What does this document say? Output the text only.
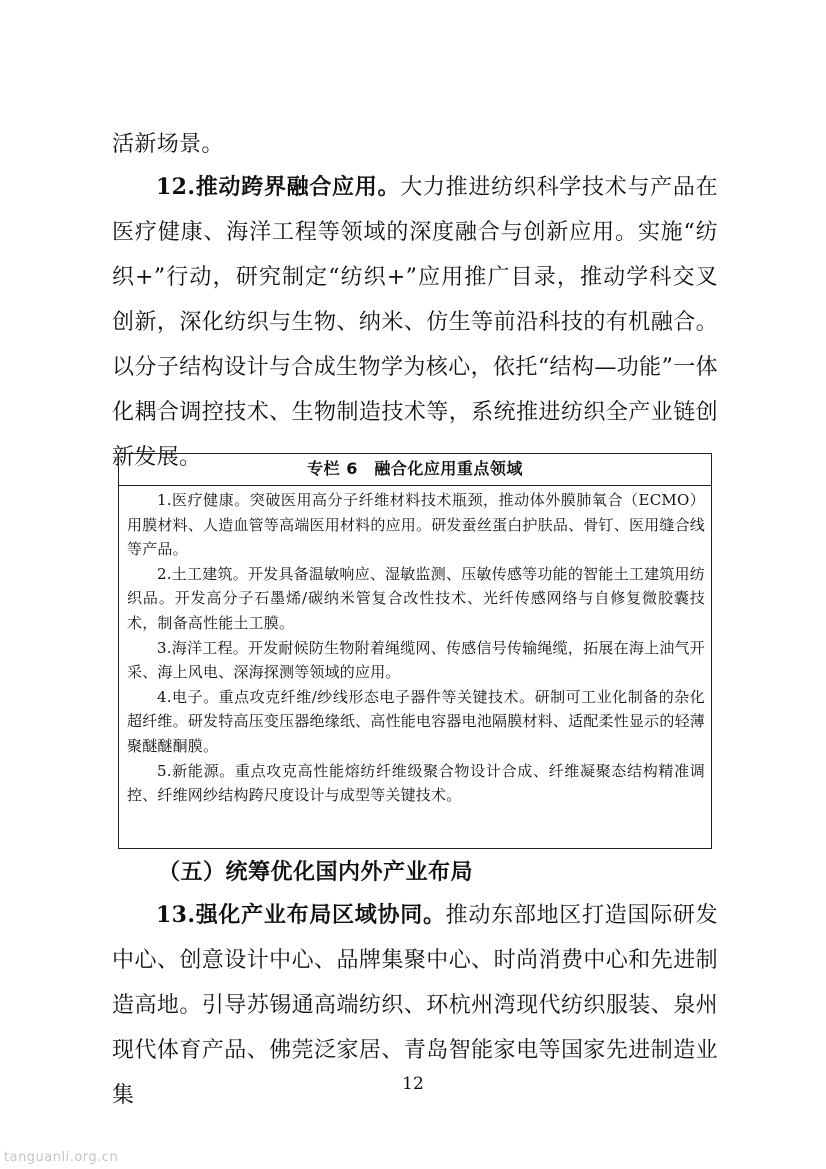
活新场景。

12.推动跨界融合应用。大力推进纺织科学技术与产品在医疗健康、海洋工程等领域的深度融合与创新应用。实施“纺织+”行动，研究制定“纺织+”应用推广目录，推动学科交叉创新，深化纺织与生物、纳米、仿生等前沿科技的有机融合。以分子结构设计与合成生物学为核心，依托“结构—功能”一体化耦合调控技术、生物制造技术等，系统推进纺织全产业链创新发展。	专栏 6　融合化应用重点领域

1.医疗健康。突破医用高分子纤维材料技术瓶颈，推动体外膜肺氧合（ECMO）用膜材料、人造血管等高端医用材料的应用。研发蚕丝蛋白护肤品、骨钉、医用缝合线等产品。

2.土工建筑。开发具备温敏响应、湿敏监测、压敏传感等功能的智能土工建筑用纺织品。开发高分子石墨烯/碳纳米管复合改性技术、光纤传感网络与自修复微胶囊技术，制备高性能土工膜。

3.海洋工程。开发耐候防生物附着绳缆网、传感信号传输绳缆，拓展在海上油气开采、海上风电、深海探测等领域的应用。

4.电子。重点攻克纤维/纱线形态电子器件等关键技术。研制可工业化制备的杂化超纤维。研发特高压变压器绝缘纸、高性能电容器电池隔膜材料、适配柔性显示的轻薄聚醚醚酮膜。

5.新能源。重点攻克高性能熔纺纤维级聚合物设计合成、纤维凝聚态结构精准调控、纤维网纱结构跨尺度设计与成型等关键技术。

（五）统筹优化国内外产业布局

13.强化产业布局区域协同。推动东部地区打造国际研发中心、创意设计中心、品牌集聚中心、时尚消费中心和先进制造高地。引导苏锡通高端纺织、环杭州湾现代纺织服装、泉州现代体育产品、佛莞泛家居、青岛智能家电等国家先进制造业集	12
tanguanli.org.cn
